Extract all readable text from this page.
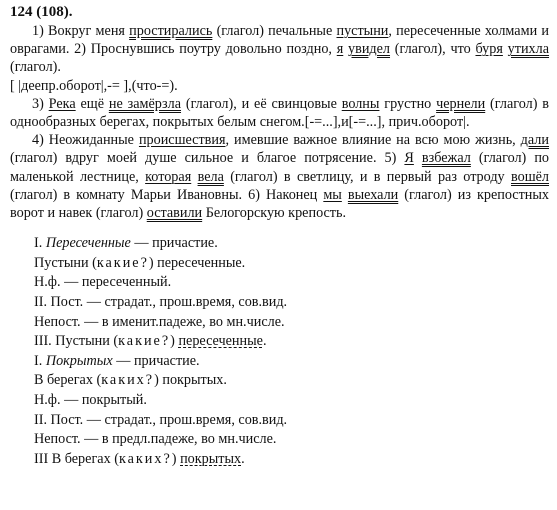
124 (108).

1) Вокруг меня простирались (глагол) печальные пустыни, пересеченные холмами и оврагами. 2) Проснувшись поутру довольно поздно, я увидел (глагол), что буря утихла (глагол).
[ |деепр.оборот|,-= ],(что-=).

3) Река ещё не замёрзла (глагол), и её свинцовые волны грустно чернели (глагол) в однообразных берегах, покрытых белым снегом.[-=...],и[-=...], прич.оборот|.

4) Неожиданные происшествия, имевшие важное влияние на всю мою жизнь, дали (глагол) вдруг моей душе сильное и благое потрясение. 5) Я взбежал (глагол) по маленькой лестнице, которая вела (глагол) в светлицу, и в первый раз отроду вошёл (глагол) в комнату Марьи Ивановны. 6) Наконец мы выехали (глагол) из крепостных ворот и навек (глагол) оставили Белогорскую крепость.

I. Пересеченные — причастие.
Пустыни (какие?) пересеченные.
Н.ф. — пересеченный.
II. Пост. — страдат., прош.время, сов.вид.
Непост. — в именит.падеже, во мн.числе.
III. Пустыни (какие?) пересеченные.
I. Покрытых — причастие.
В берегах (каких?) покрытых.
Н.ф. — покрытый.
II. Пост. — страдат., прош.время, сов.вид.
Непост. — в предл.падеже, во мн.числе.
III В берегах (каких?) покрытых.
